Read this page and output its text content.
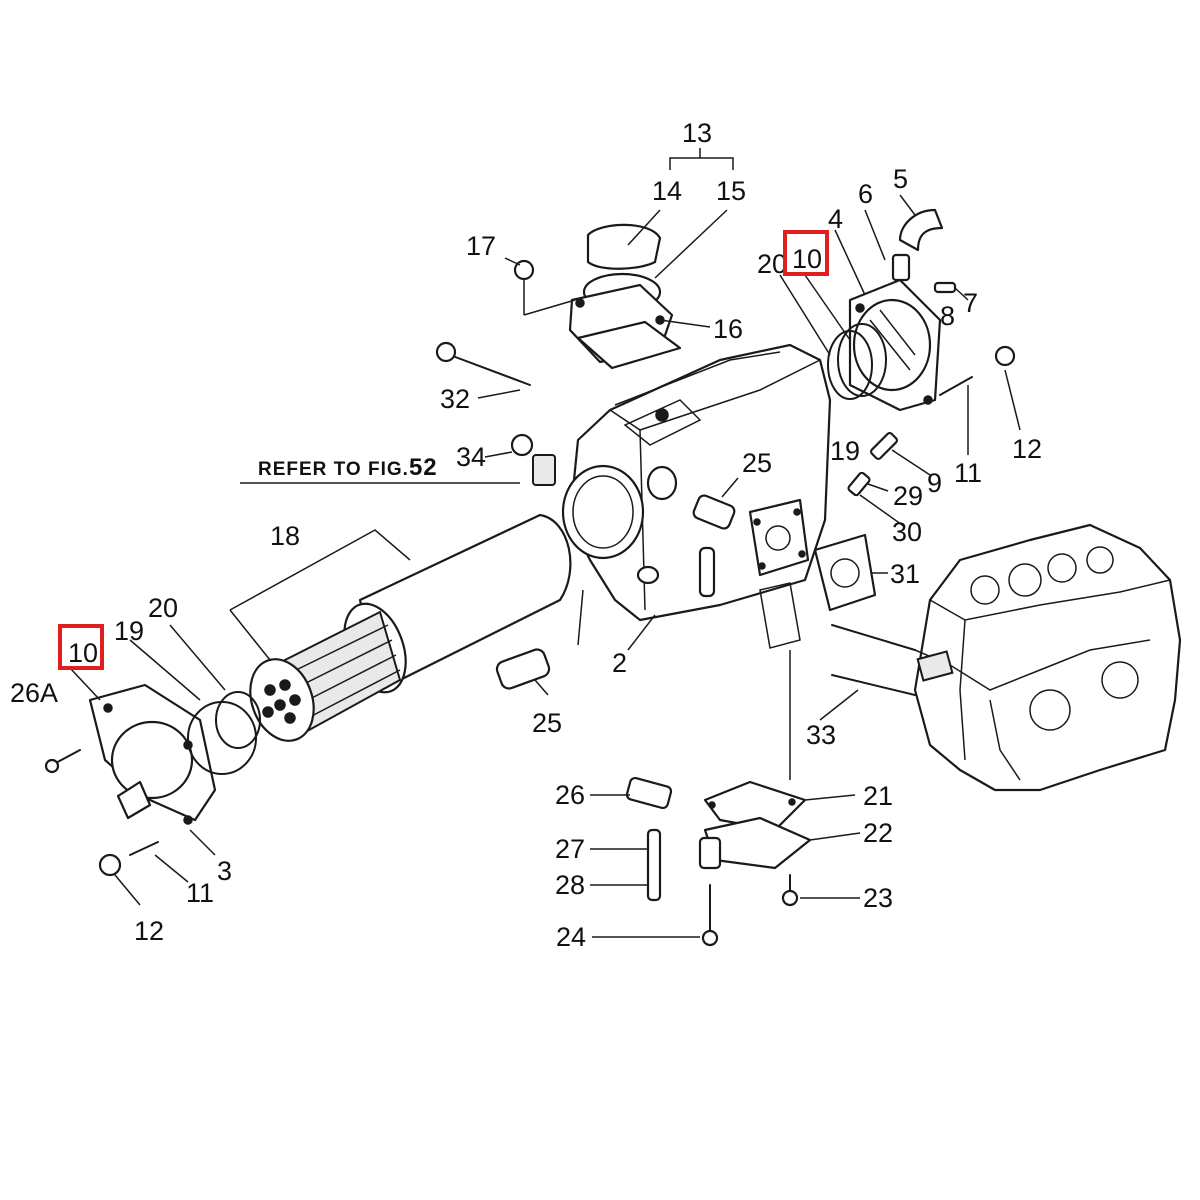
13
14 15
17
16
32
34	25
18
2
25
20 10
4
6 5
7
8
12
11
19
9
29
30
31
33
10
19
20
26A
3
11
12
26
27
28
24
21
22
23
REFER TO FIG.52
